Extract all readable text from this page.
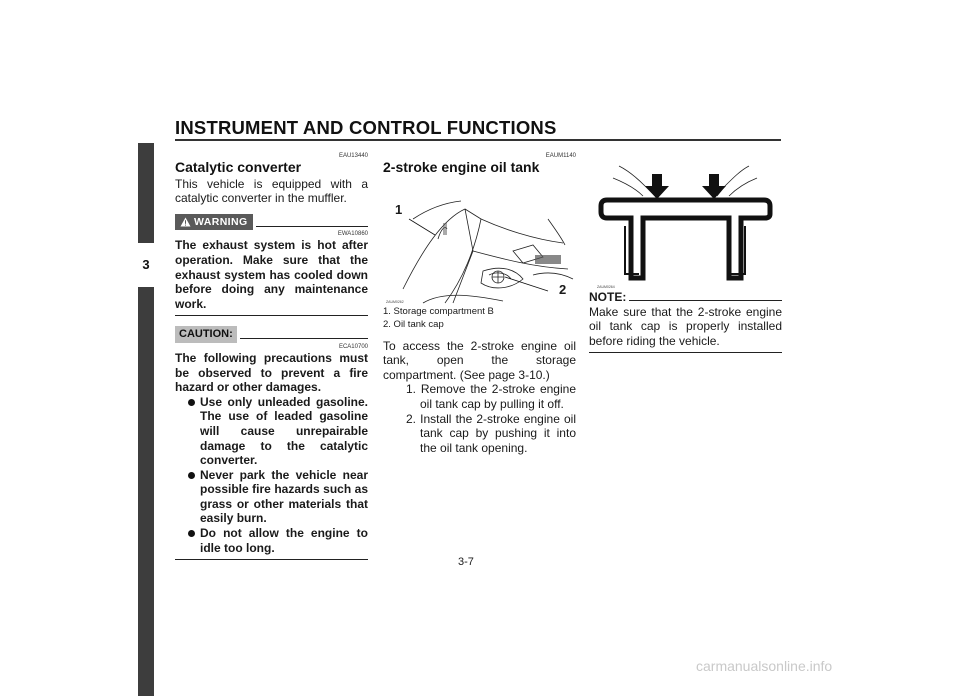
INSTRUMENT AND CONTROL FUNCTIONS
3
EAU13440
Catalytic converter

This vehicle is equipped with a catalytic converter in the muffler.

WARNING
EWA10860

The exhaust system is hot after operation. Make sure that the exhaust system has cooled down before doing any maintenance work.

CAUTION:
ECA10700

The following precautions must be observed to prevent a fire hazard or other damages.

Use only unleaded gasoline. The use of leaded gasoline will cause unrepairable damage to the catalytic converter.
Never park the vehicle near possible fire hazards such as grass or other materials that easily burn.
Do not allow the engine to idle too long.
EAUM1140
2-stroke engine oil tank
1
2
ZAUM0262
1. Storage compartment B
2. Oil tank cap

To access the 2-stroke engine oil tank, open the storage compartment. (See page 3-10.)

1. Remove the 2-stroke engine oil tank cap by pulling it off.
2. Install the 2-stroke engine oil tank cap by pushing it into the oil tank opening.
ZAUM0264
NOTE:

Make sure that the 2-stroke engine oil tank cap is properly installed before riding the vehicle.

3-7
carmanualsonline.info
